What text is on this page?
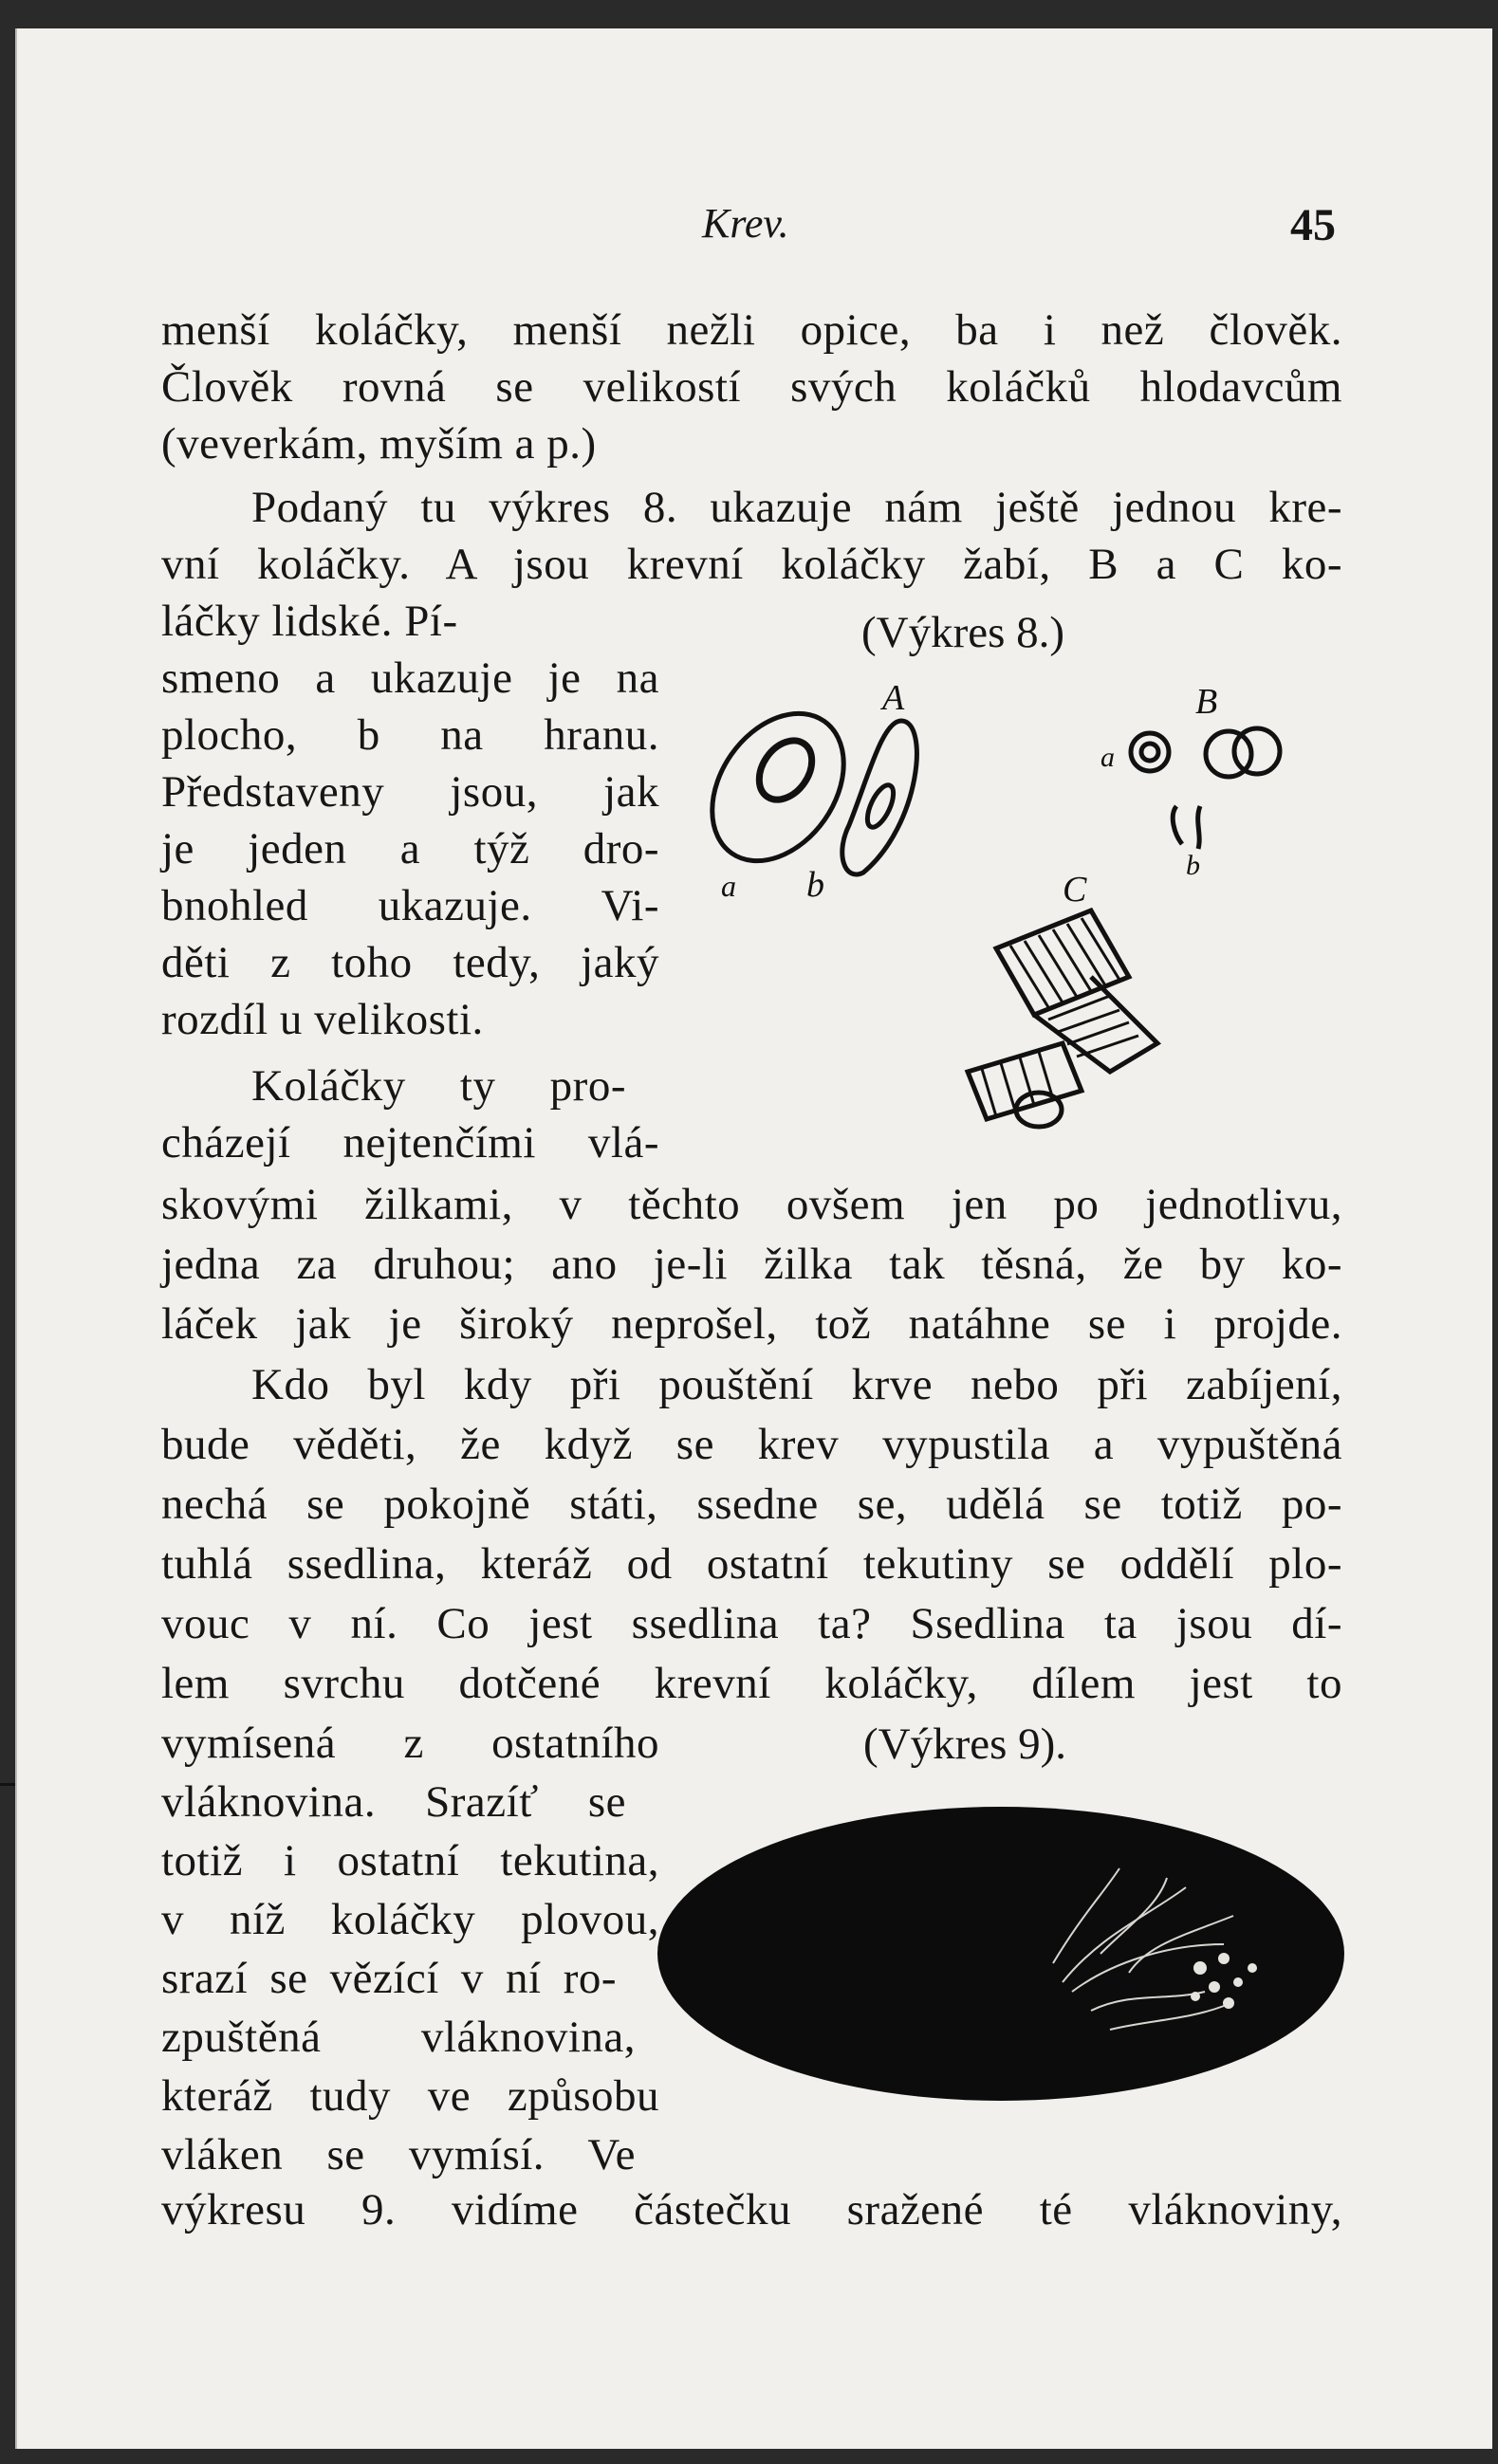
Krev.	45
menší koláčky, menší nežli opice, ba i než člověk.
Člověk rovná se velikostí svých koláčků hlodavcům
(veverkám, myším a p.)
Podaný tu výkres 8. ukazuje nám ještě jednou kre-
vní koláčky. A jsou krevní koláčky žabí, B a C ko-
láčky lidské. Pí-
smeno a ukazuje je na
plocho, b na hranu.
Představeny jsou, jak
je jeden a týž dro-
bnohled ukazuje. Vi-
děti z toho tedy, jaký
rozdíl u velikosti.
Koláčky ty pro-
cházejí nejtenčími vlá-
skovými žilkami, v těchto ovšem jen po jednotlivu,
jedna za druhou; ano je-li žilka tak těsná, že by ko-
láček jak je široký neprošel, tož natáhne se i projde.
Kdo byl kdy při pouštění krve nebo při zabíjení,
bude věděti, že když se krev vypustila a vypuštěná
nechá se pokojně státi, ssedne se, udělá se totiž po-
tuhlá ssedlina, kteráž od ostatní tekutiny se oddělí plo-
vouc v ní. Co jest ssedlina ta? Ssedlina ta jsou dí-
lem svrchu dotčené krevní koláčky, dílem jest to
vymísená z ostatního
vláknovina. Srazíť se
totiž i ostatní tekutina,
v níž koláčky plovou,
srazí se vězící v ní ro-
zpuštěná vláknovina,
kteráž tudy ve způsobu
vláken se vymísí. Ve
výkresu 9. vidíme částečku sražené té vláknoviny,
(Výkres 8.)
A	B
C
a b
a
b
(Výkres 9).
